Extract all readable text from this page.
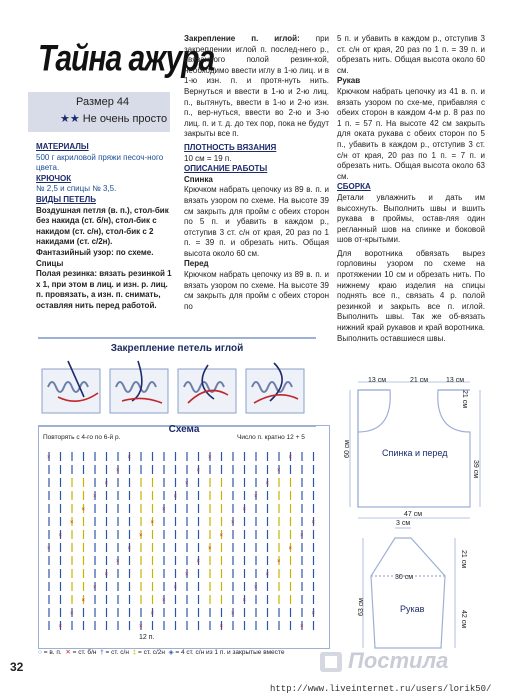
Тайна ажура
Размер 44
★★ Не очень просто

МАТЕРИАЛЫ

500 г акриловой пряжи песоч-ного цвета.

КРЮЧОК

№ 2,5 и спицы № 3,5.

ВИДЫ ПЕТЕЛЬ

Воздушная петля (в. п.), стол-бик без накида (ст. б/н), стол-бик с накидом (ст. с/н), стол-бик с 2 накидами (ст. с/2н).

Фантазийный узор: по схеме.

Спицы

Полая резинка: вязать резинкой 1 х 1, при этом в лиц. и изн. р. лиц. п. провязать, а изн. п. снимать, оставляя нить перед работой.

Закрепление п. иглой: при закреплении иглой п. послед-него р., связанного полой резин-кой, необходимо ввести иглу в 1-ю лиц. и в 1-ю изн. п. и протя-нуть нить. Вернуться и ввести в 1-ю и 2-ю лиц. п., вытянуть, ввести в 1-ю и 2-ю изн. п., вер-нуться, ввести во 2-ю и 3-ю лиц. п. и т. д. до тех пор, пока не будут закрыты все п.

ПЛОТНОСТЬ ВЯЗАНИЯ

10 см = 19 п.

ОПИСАНИЕ РАБОТЫ

Спинка

Крючком набрать цепочку из 89 в. п. и вязать узором по схеме. На высоте 39 см закрыть для пройм с обеих сторон по 5 п. и убавить в каждом р., отступив 3 ст. с/н от края, 20 раз по 1 п. = 39 п. и обрезать нить. Общая высота около 60 см.

Перед

Крючком набрать цепочку из 89 в. п. и вязать узором по схеме. На высоте 39 см закрыть для пройм с обеих сторон по

5 п. и убавить в каждом р., отступив 3 ст. с/н от края, 20 раз по 1 п. = 39 п. и обрезать нить. Общая высота около 60 см.

Рукав

Крючком набрать цепочку из 41 в. п. и вязать узором по схе-ме, прибавляя с обеих сторон в каждом 4-м р. 8 раз по 1 п. = 57 п. На высоте 42 см закрыть для оката рукава с обеих сторон по 5 п., убавить в каждом р., отступив 3 ст. с/н от края, 20 раз по 1 п. = 7 п. и обрезать нить. Общая высота около 63 см.

СБОРКА

Детали увлажнить и дать им высохнуть. Выполнить швы и вшить рукава в проймы, остав-ляя один регланный шов на спинке и боковой шов от-крытыми.

Для воротника обвязать вырез горловины узором по схеме на протяжении 10 см и обрезать нить. По нижнему краю изделия на спицы поднять все п., связать 4 р. полой резинкой и закрыть все п. иглой. Выполнить швы. Так же об-вязать нижний край рукавов и край воротника. Выполнить оставшиеся швы.

Закрепление петель иглой
Схема
Повторять с 4-го по 6-й р.	Число п. кратно 12 + 5
×
×
×
×
×
×
×
×
×
×
×
×
×
×
×
×
×
×
×
×
×
×
×
×
×
×
×
×
×
×
×
×
×
×
×
×
×
×
×
×
×
×
×
×
×
×
×
×
12 п.
○ = в. п. ✕ = ст. б/н † = ст. с/н ‡ = ст. с/2н ◈ = 4 ст. с/н из 1 п. и закрытые вместе
13 см	21 см	13 см
21 см
60 см	Спинка и перед
39 см
47 см
3 см
21 см
30 см
63 см	Рукав
42 см
32	Постила
http://www.liveinternet.ru/users/lorik50/
